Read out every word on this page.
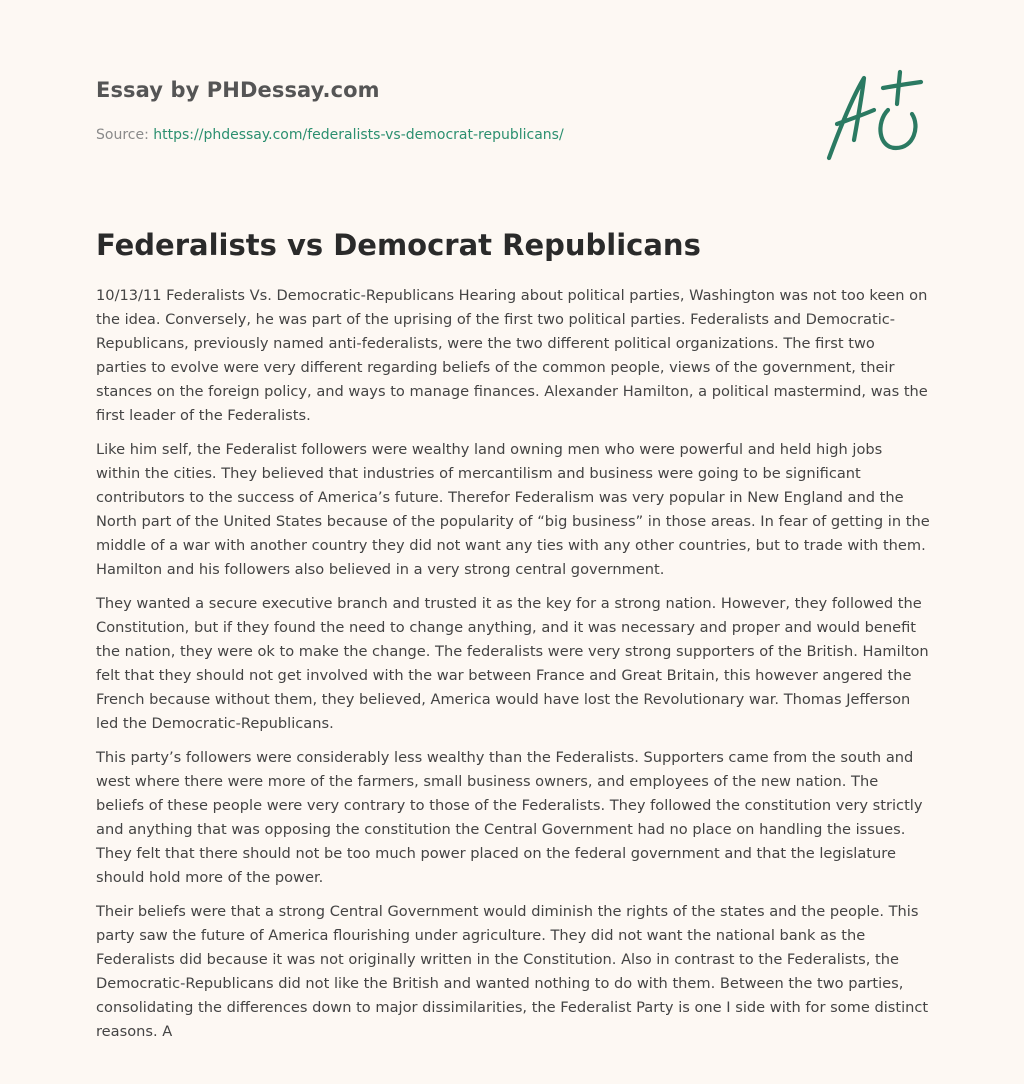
Essay by PHDessay.com
Source: https://phdessay.com/federalists-vs-democrat-republicans/
Federalists vs Democrat Republicans

10/13/11 Federalists Vs. Democratic-Republicans Hearing about political parties, Washington was not too keen on the idea. Conversely, he was part of the uprising of the first two political parties. Federalists and Democratic-Republicans, previously named anti-federalists, were the two different political organizations. The first two parties to evolve were very different regarding beliefs of the common people, views of the government, their stances on the foreign policy, and ways to manage finances. Alexander Hamilton, a political mastermind, was the first leader of the Federalists.

Like him self, the Federalist followers were wealthy land owning men who were powerful and held high jobs within the cities. They believed that industries of mercantilism and business were going to be significant contributors to the success of America’s future. Therefor Federalism was very popular in New England and the North part of the United States because of the popularity of “big business” in those areas. In fear of getting in the middle of a war with another country they did not want any ties with any other countries, but to trade with them. Hamilton and his followers also believed in a very strong central government.

They wanted a secure executive branch and trusted it as the key for a strong nation. However, they followed the Constitution, but if they found the need to change anything, and it was necessary and proper and would benefit the nation, they were ok to make the change. The federalists were very strong supporters of the British. Hamilton felt that they should not get involved with the war between France and Great Britain, this however angered the French because without them, they believed, America would have lost the Revolutionary war. Thomas Jefferson led the Democratic-Republicans.

This party’s followers were considerably less wealthy than the Federalists. Supporters came from the south and west where there were more of the farmers, small business owners, and employees of the new nation. The beliefs of these people were very contrary to those of the Federalists. They followed the constitution very strictly and anything that was opposing the constitution the Central Government had no place on handling the issues. They felt that there should not be too much power placed on the federal government and that the legislature should hold more of the power.

Their beliefs were that a strong Central Government would diminish the rights of the states and the people. This party saw the future of America flourishing under agriculture. They did not want the national bank as the Federalists did because it was not originally written in the Constitution. Also in contrast to the Federalists, the Democratic-Republicans did not like the British and wanted nothing to do with them. Between the two parties, consolidating the differences down to major dissimilarities, the Federalist Party is one I side with for some distinct reasons. A
